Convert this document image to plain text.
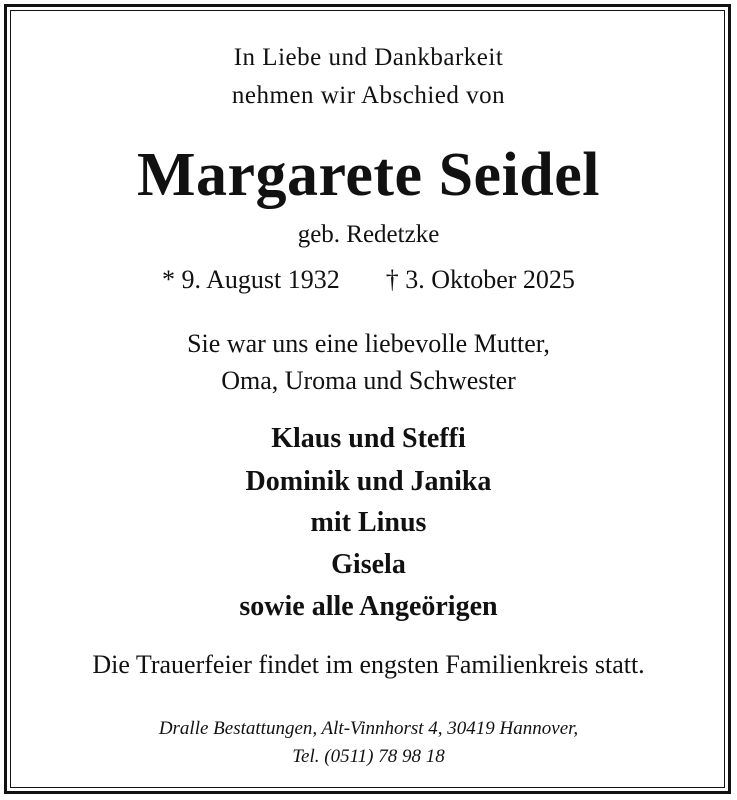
In Liebe und Dankbarkeit
nehmen wir Abschied von
Margarete Seidel
geb. Redetzke
* 9. August 1932 † 3. Oktober 2025
Sie war uns eine liebevolle Mutter,
Oma, Uroma und Schwester
Klaus und Steffi
Dominik und Janika
mit Linus
Gisela
sowie alle Angeörigen
Die Trauerfeier findet im engsten Familienkreis statt.
Dralle Bestattungen, Alt-Vinnhorst 4, 30419 Hannover,
Tel. (0511) 78 98 18
